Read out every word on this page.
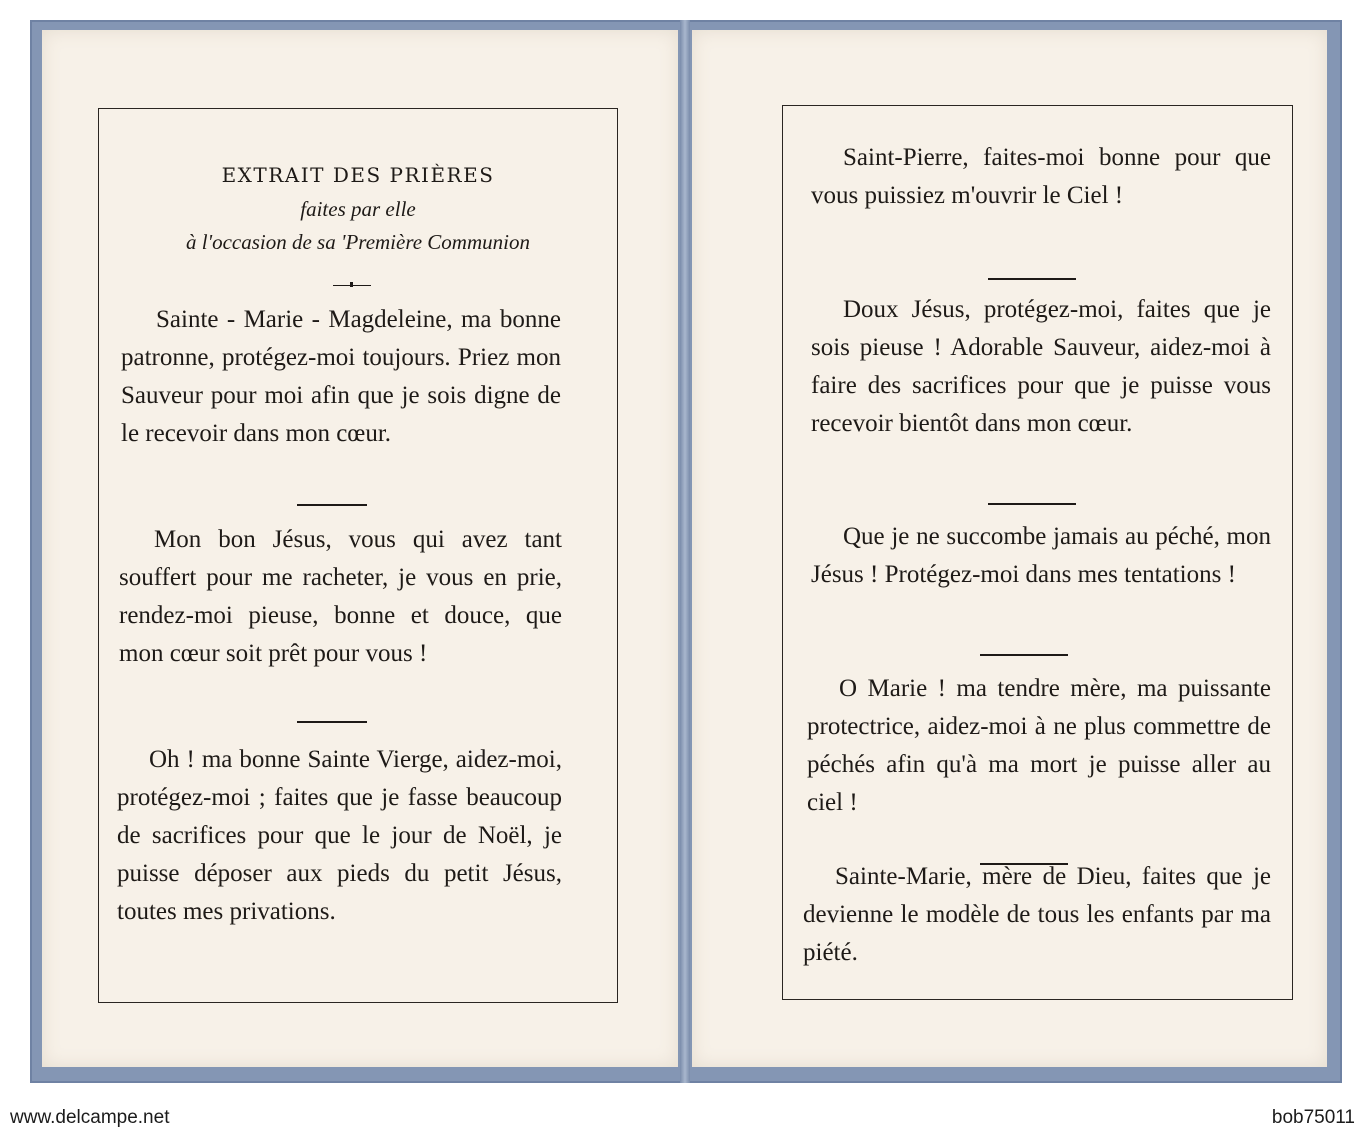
EXTRAIT DES PRIÈRES
faites par elle
à l'occasion de sa 'Première Communion

Sainte - Marie - Magdeleine, ma bonne patronne, protégez-moi toujours. Priez mon Sauveur pour moi afin que je sois digne de le recevoir dans mon cœur.

Mon bon Jésus, vous qui avez tant souffert pour me racheter, je vous en prie, rendez-moi pieuse, bonne et douce, que mon cœur soit prêt pour vous !

Oh ! ma bonne Sainte Vierge, aidez-moi, protégez-moi ; faites que je fasse beaucoup de sacrifices pour que le jour de Noël, je puisse déposer aux pieds du petit Jésus, toutes mes privations.

Saint-Pierre, faites-moi bonne pour que vous puissiez m'ouvrir le Ciel !

Doux Jésus, protégez-moi, faites que je sois pieuse ! Adorable Sauveur, aidez-moi à faire des sacrifices pour que je puisse vous recevoir bientôt dans mon cœur.

Que je ne succombe jamais au péché, mon Jésus ! Protégez-moi dans mes tentations !

O Marie ! ma tendre mère, ma puissante protectrice, aidez-moi à ne plus commettre de péchés afin qu'à ma mort je puisse aller au ciel !

Sainte-Marie, mère de Dieu, faites que je devienne le modèle de tous les enfants par ma piété.

www.delcampe.net	bob75011
